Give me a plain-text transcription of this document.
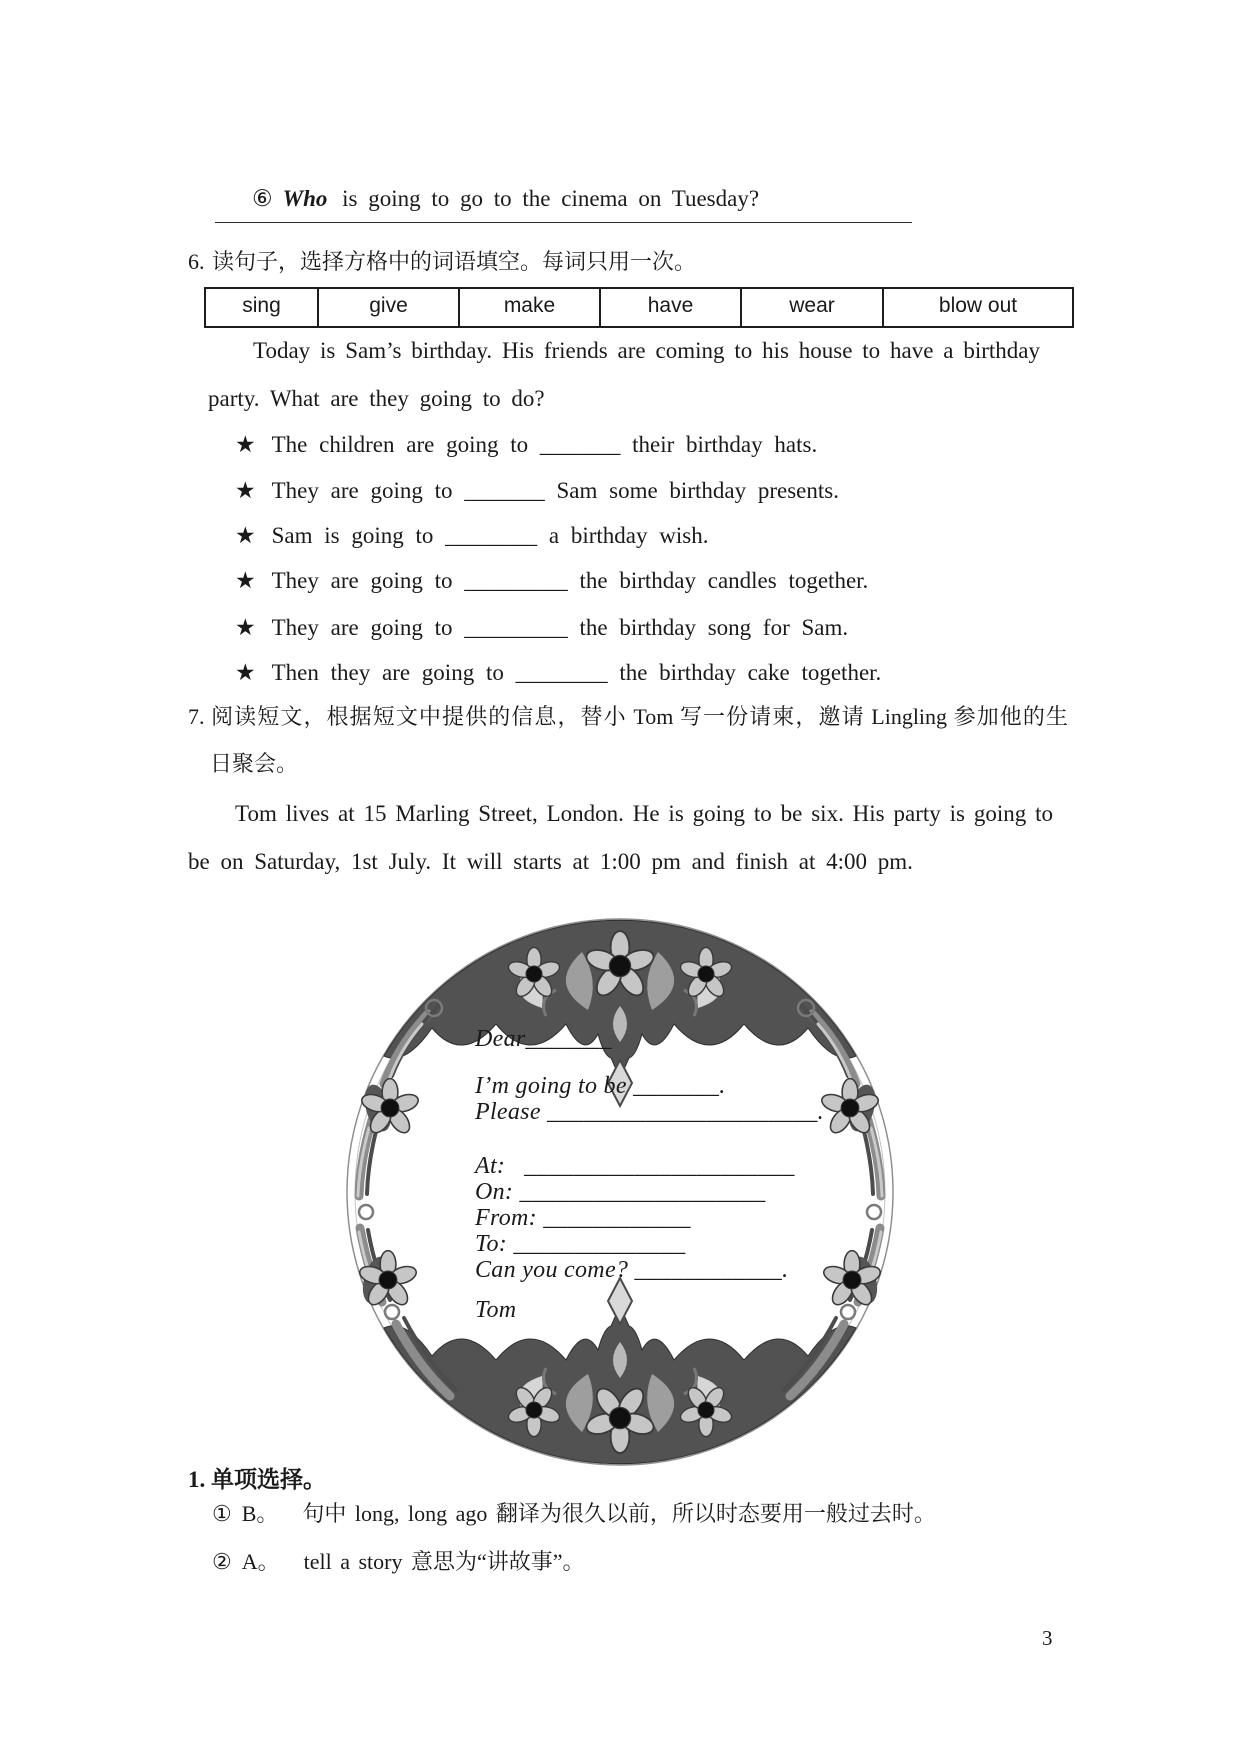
⑥ Who is going to go to the cinema on Tuesday?

6. 读句子，选择方格中的词语填空。每词只用一次。
sing	give	make	have	wear	blow out
Today is Sam’s birthday. His friends are coming to his house to have a birthday
party. What are they going to do?
★ The children are going to _______ their birthday hats.
★ They are going to _______ Sam some birthday presents.
★ Sam is going to ________ a birthday wish.
★ They are going to _________ the birthday candles together.
★ They are going to _________ the birthday song for Sam.
★ Then they are going to ________ the birthday cake together.
7. 阅读短文，根据短文中提供的信息，替小 Tom 写一份请柬，邀请 Lingling 参加他的生
日聚会。
Tom lives at 15 Marling Street, London. He is going to be six. His party is going to
be on Saturday, 1st July. It will starts at 1:00 pm and finish at 4:00 pm.
Dear_______
I’m going to be _______.
Please ______________________.
At:   ______________________
On: ____________________
From: ____________
To: ______________
Can you come? ____________.
Tom
1. 单项选择。
① B。 句中 long, long ago 翻译为很久以前，所以时态要用一般过去时。
② A。 tell a story 意思为“讲故事”。
3
